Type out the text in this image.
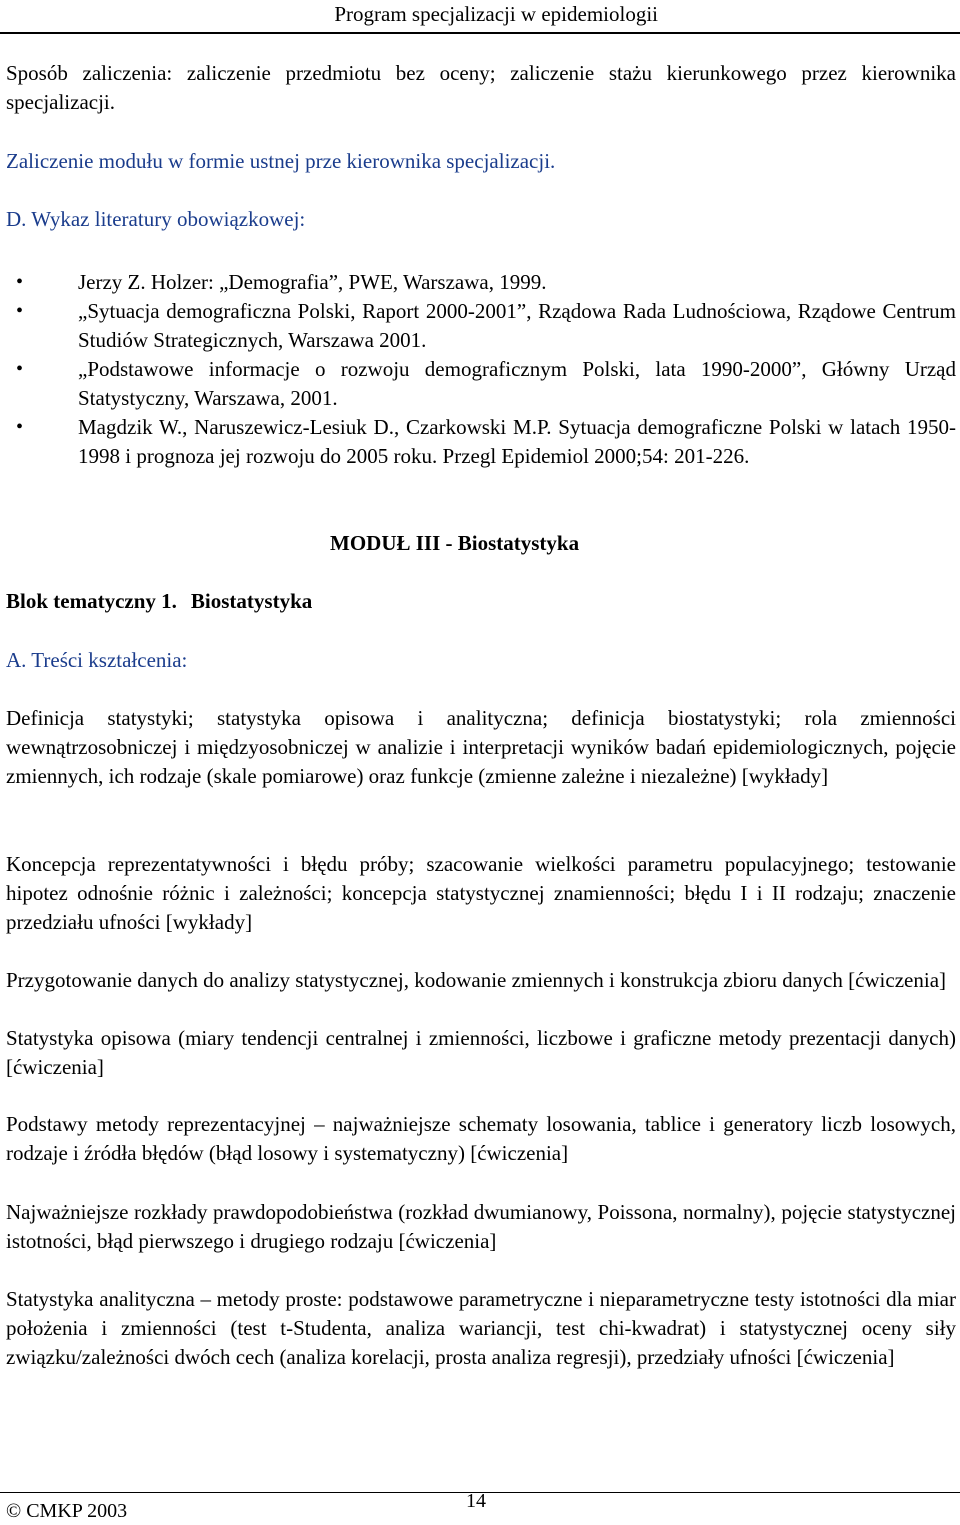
Program specjalizacji w epidemiologii

Sposób zaliczenia: zaliczenie przedmiotu bez oceny; zaliczenie stażu kierunkowego przez kierownika specjalizacji.

Zaliczenie modułu w formie ustnej prze kierownika specjalizacji.

D. Wykaz literatury obowiązkowej:

•	Jerzy Z. Holzer: „Demografia”, PWE, Warszawa, 1999.
•	„Sytuacja demograficzna Polski, Raport 2000-2001”, Rządowa Rada Ludnościowa, Rządowe Centrum Studiów Strategicznych, Warszawa 2001.
•	„Podstawowe informacje o rozwoju demograficznym Polski, lata 1990-2000”, Główny Urząd Statystyczny, Warszawa, 2001.
•	Magdzik W., Naruszewicz-Lesiuk D., Czarkowski M.P. Sytuacja demograficzne Polski w latach 1950-1998 i prognoza jej rozwoju do 2005 roku. Przegl Epidemiol 2000;54: 201-226.
MODUŁ III - Biostatystyka
Blok tematyczny 1. Biostatystyka

A. Treści kształcenia:

Definicja statystyki; statystyka opisowa i analityczna; definicja biostatystyki; rola zmienności wewnątrzosobniczej i międzyosobniczej w analizie i interpretacji wyników badań epidemiologicznych, pojęcie zmiennych, ich rodzaje (skale pomiarowe) oraz funkcje (zmienne zależne i niezależne) [wykłady]

Koncepcja reprezentatywności i błędu próby; szacowanie wielkości parametru populacyjnego; testowanie hipotez odnośnie różnic i zależności; koncepcja statystycznej znamienności; błędu I i II rodzaju; znaczenie przedziału ufności [wykłady]

Przygotowanie danych do analizy statystycznej, kodowanie zmiennych i konstrukcja zbioru danych [ćwiczenia]

Statystyka opisowa (miary tendencji centralnej i zmienności, liczbowe i graficzne metody prezentacji danych) [ćwiczenia]

Podstawy metody reprezentacyjnej – najważniejsze schematy losowania, tablice i generatory liczb losowych, rodzaje i źródła błędów (błąd losowy i systematyczny) [ćwiczenia]

Najważniejsze rozkłady prawdopodobieństwa (rozkład dwumianowy, Poissona, normalny), pojęcie statystycznej istotności, błąd pierwszego i drugiego rodzaju [ćwiczenia]

Statystyka analityczna – metody proste: podstawowe parametryczne i nieparametryczne testy istotności dla miar położenia i zmienności (test t-Studenta, analiza wariancji, test chi-kwadrat) i statystycznej oceny siły związku/zależności dwóch cech (analiza korelacji, prosta analiza regresji), przedziały ufności [ćwiczenia]

14
© CMKP 2003
